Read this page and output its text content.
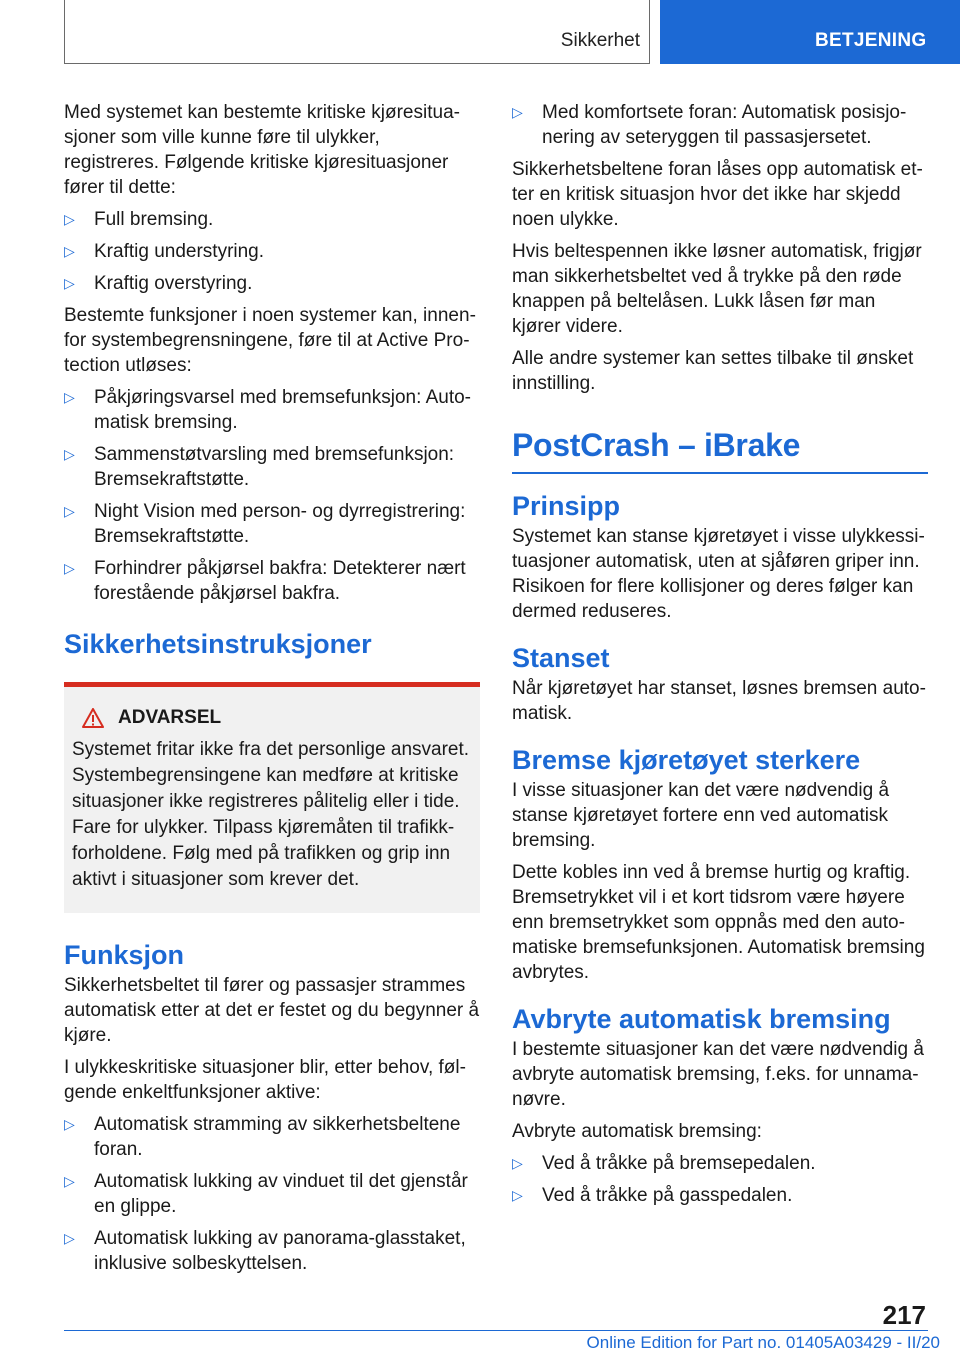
Sikkerhet	BETJENING

Med systemet kan bestemte kritiske kjøresituasjoner som ville kunne føre til ulykker, registreres. Følgende kritiske kjøresituasjoner fører til dette:

▷ Full bremsing.
▷ Kraftig understyring.
▷ Kraftig overstyring.

Bestemte funksjoner i noen systemer kan, innenfor systembegrensningene, føre til at Active Protection utløses:

▷ Påkjøringsvarsel med bremsefunksjon: Automatisk bremsing.
▷ Sammenstøtvarsling med bremsefunksjon: Bremsekraftstøtte.
▷ Night Vision med person- og dyrregistrering: Bremsekraftstøtte.
▷ Forhindrer påkjørsel bakfra: Detekterer nært forestående påkjørsel bakfra.
Sikkerhetsinstruksjoner
ADVARSEL

Systemet fritar ikke fra det personlige ansvaret. Systembegrensingene kan medføre at kritiske situasjoner ikke registreres pålitelig eller i tide. Fare for ulykker. Tilpass kjøremåten til trafikkforholdene. Følg med på trafikken og grip inn aktivt i situasjoner som krever det.

Funksjon

Sikkerhetsbeltet til fører og passasjer strammes automatisk etter at det er festet og du begynner å kjøre.

I ulykkeskritiske situasjoner blir, etter behov, følgende enkeltfunksjoner aktive:

▷ Automatisk stramming av sikkerhetsbeltene foran.
▷ Automatisk lukking av vinduet til det gjenstår en glippe.
▷ Automatisk lukking av panorama-glasstaket, inklusive solbeskyttelsen.
▷ Med komfortsete foran: Automatisk posisjonering av seteryggen til passasjersetet.

Sikkerhetsbeltene foran låses opp automatisk etter en kritisk situasjon hvor det ikke har skjedd noen ulykke.

Hvis beltespennen ikke løsner automatisk, frigjør man sikkerhetsbeltet ved å trykke på den røde knappen på beltelåsen. Lukk låsen før man kjører videre.

Alle andre systemer kan settes tilbake til ønsket innstilling.

PostCrash – iBrake
Prinsipp

Systemet kan stanse kjøretøyet i visse ulykkessituasjoner automatisk, uten at sjåføren griper inn. Risikoen for flere kollisjoner og deres følger kan dermed reduseres.

Stanset

Når kjøretøyet har stanset, løsnes bremsen automatisk.

Bremse kjøretøyet sterkere

I visse situasjoner kan det være nødvendig å stanse kjøretøyet fortere enn ved automatisk bremsing.

Dette kobles inn ved å bremse hurtig og kraftig. Bremsetrykket vil i et kort tidsrom være høyere enn bremsetrykket som oppnås med den automatiske bremsefunksjonen. Automatisk bremsing avbrytes.

Avbryte automatisk bremsing

I bestemte situasjoner kan det være nødvendig å avbryte automatisk bremsing, f.eks. for unnamanøvre.

Avbryte automatisk bremsing:

▷ Ved å tråkke på bremsepedalen.
▷ Ved å tråkke på gasspedalen.
217
Online Edition for Part no. 01405A03429 - II/20
